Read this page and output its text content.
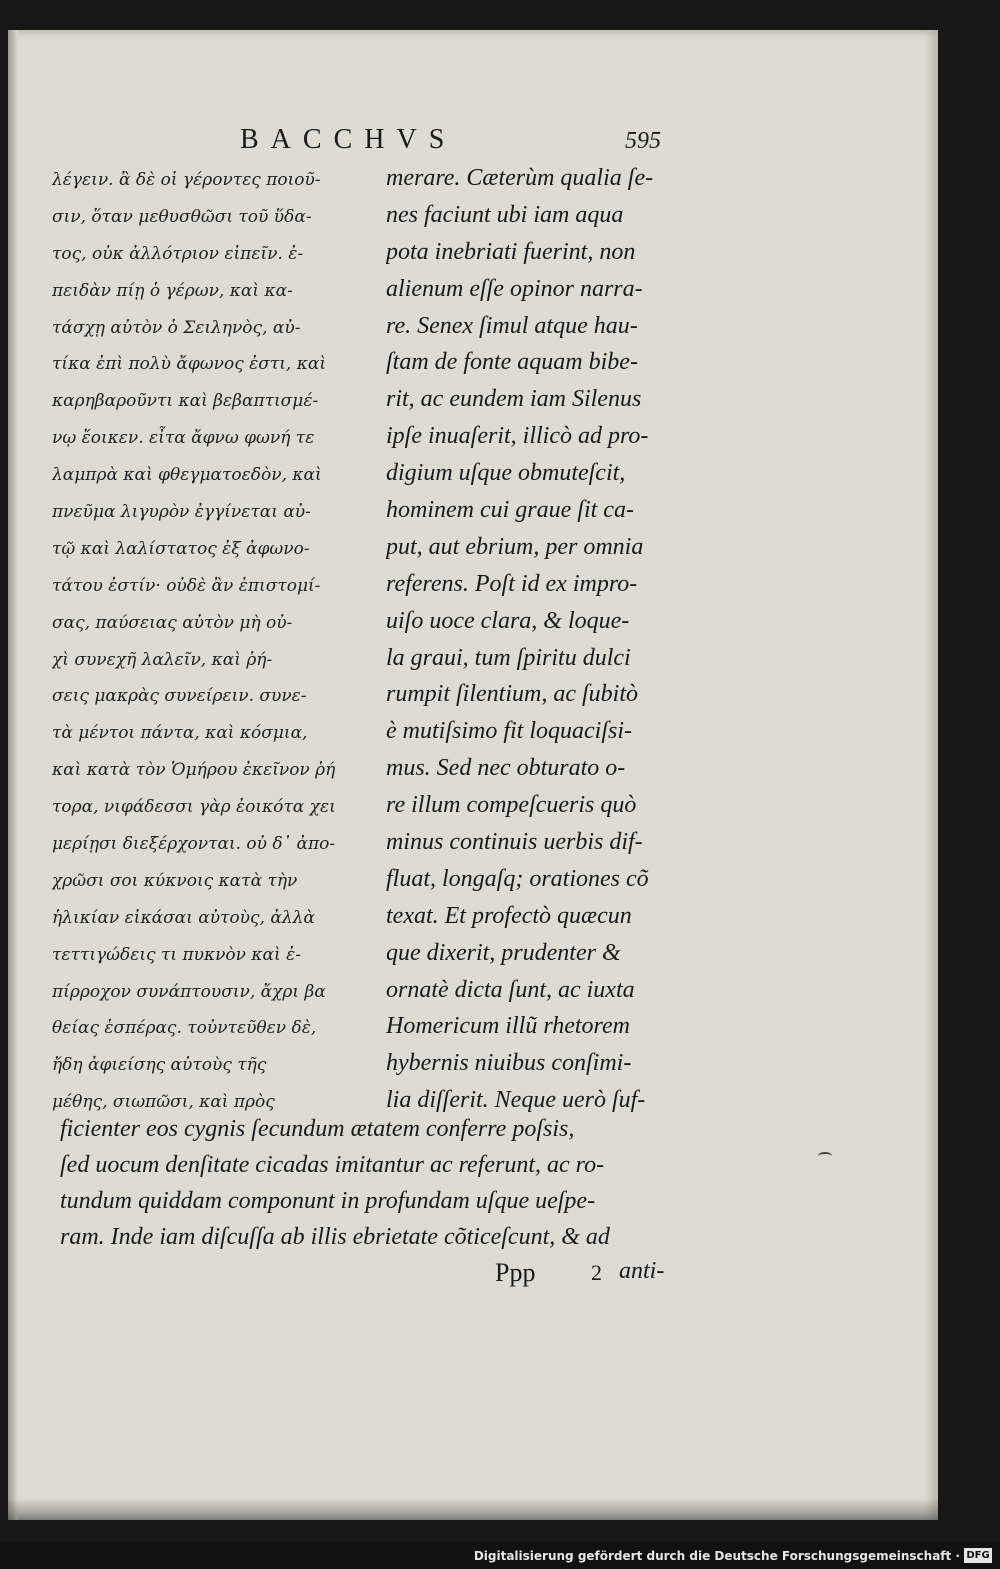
BACCHVS	595
λέγειν. ἃ δὲ οἱ γέροντες ποιοῦ-
σιν, ὅταν μεθυσθῶσι τοῦ ὕδα-
τος, οὐκ ἀλλότριον εἰπεῖν. ἐ-
πειδὰν πίῃ ὁ γέρων, καὶ κα-
τάσχῃ αὐτὸν ὁ Σειληνὸς, αὐ-
τίκα ἐπὶ πολὺ ἄφωνος ἐστι, καὶ
καρηβαροῦντι καὶ βεβαπτισμέ-
νῳ ἔοικεν. εἶτα ἄφνω φωνή τε
λαμπρὰ καὶ φθεγματοεδὸν, καὶ
πνεῦμα λιγυρὸν ἐγγίνεται αὐ-
τῷ καὶ λαλίστατος ἐξ ἀφωνο-
τάτου ἐστίν· οὐδὲ ἂν ἐπιστομί-
σας, παύσειας αὐτὸν μὴ οὐ-
χὶ συνεχῆ λαλεῖν, καὶ ῥή-
σεις μακρὰς συνείρειν. συνε-
τὰ μέντοι πάντα, καὶ κόσμια,
καὶ κατὰ τὸν Ὁμήρου ἐκεῖνον ῥή
τορα, νιφάδεσσι γὰρ ἐοικότα χει
μερίῃσι διεξέρχονται. οὐ δ᾽ ἀπο-
χρῶσι σοι κύκνοις κατὰ τὴν
ἡλικίαν εἰκάσαι αὐτοὺς, ἀλλὰ
τεττιγώδεις τι πυκνὸν καὶ ἐ-
πίρροχον συνάπτουσιν, ἄχρι βα
θείας ἑσπέρας. τοὐντεῦθεν δὲ,
ἤδη ἀφιείσης αὐτοὺς τῆς
μέθης, σιωπῶσι, καὶ πρὸς
merare. Cæterùm qualia ſe-
nes faciunt ubi iam aqua
pota inebriati fuerint, non
alienum eſſe opinor narra-
re. Senex ſimul atque hau-
ſtam de fonte aquam bibe-
rit, ac eundem iam Silenus
ipſe inuaſerit, illicò ad pro-
digium uſque obmuteſcit,
hominem cui graue ſit ca-
put, aut ebrium, per omnia
referens. Poſt id ex impro-
uiſo uoce clara, & loque-
la graui, tum ſpiritu dulci
rumpit ſilentium, ac ſubitò
è mutiſsimo fit loquaciſsi-
mus. Sed nec obturato o-
re illum compeſcueris quò
minus continuis uerbis dif-
fluat, longaſq; orationes cõ
texat. Et profectò quæcun
que dixerit, prudenter &
ornatè dicta ſunt, ac iuxta
Homericum illũ rhetorem
hybernis niuibus conſimi-
lia diſſerit. Neque uerò ſuf-
ficienter eos cygnis ſecundum ætatem conferre poſsis,
ſed uocum denſitate cicadas imitantur ac referunt, ac ro-
tundum quiddam componunt in profundam uſque ueſpe-
ram. Inde iam diſcuſſa ab illis ebrietate cõticeſcunt, & ad
Ppp	2 anti-
Digitalisierung gefördert durch die Deutsche Forschungsgemeinschaft · DFG
